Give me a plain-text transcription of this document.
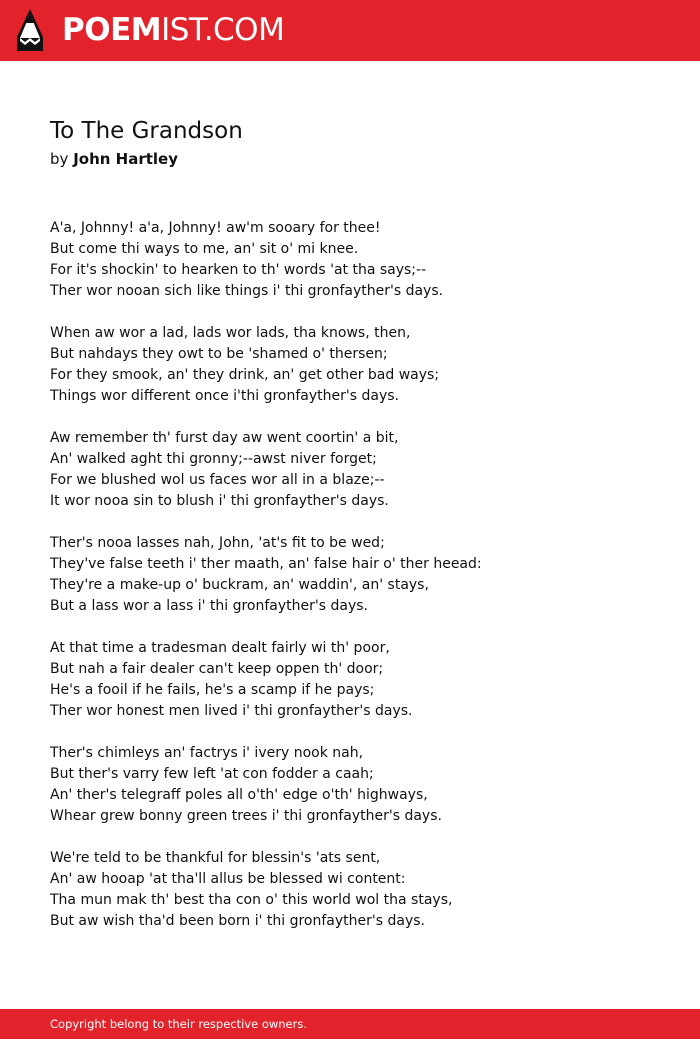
POEMIST.COM
To The Grandson
by John Hartley
A'a, Johnny! a'a, Johnny! aw'm sooary for thee!
But come thi ways to me, an' sit o' mi knee.
For it's shockin' to hearken to th' words 'at tha says;--
Ther wor nooan sich like things i' thi gronfayther's days.
When aw wor a lad, lads wor lads, tha knows, then,
But nahdays they owt to be 'shamed o' thersen;
For they smook, an' they drink, an' get other bad ways;
Things wor different once i'thi gronfayther's days.
Aw remember th' furst day aw went coortin' a bit,
An' walked aght thi gronny;--awst niver forget;
For we blushed wol us faces wor all in a blaze;--
It wor nooa sin to blush i' thi gronfayther's days.
Ther's nooa lasses nah, John, 'at's fit to be wed;
They've false teeth i' ther maath, an' false hair o' ther heead:
They're a make-up o' buckram, an' waddin', an' stays,
But a lass wor a lass i' thi gronfayther's days.
At that time a tradesman dealt fairly wi th' poor,
But nah a fair dealer can't keep oppen th' door;
He's a fooil if he fails, he's a scamp if he pays;
Ther wor honest men lived i' thi gronfayther's days.
Ther's chimleys an' factrys i' ivery nook nah,
But ther's varry few left 'at con fodder a caah;
An' ther's telegraff poles all o'th' edge o'th' highways,
Whear grew bonny green trees i' thi gronfayther's days.
We're teld to be thankful for blessin's 'ats sent,
An' aw hooap 'at tha'll allus be blessed wi content:
Tha mun mak th' best tha con o' this world wol tha stays,
But aw wish tha'd been born i' thi gronfayther's days.
Copyright belong to their respective owners.
